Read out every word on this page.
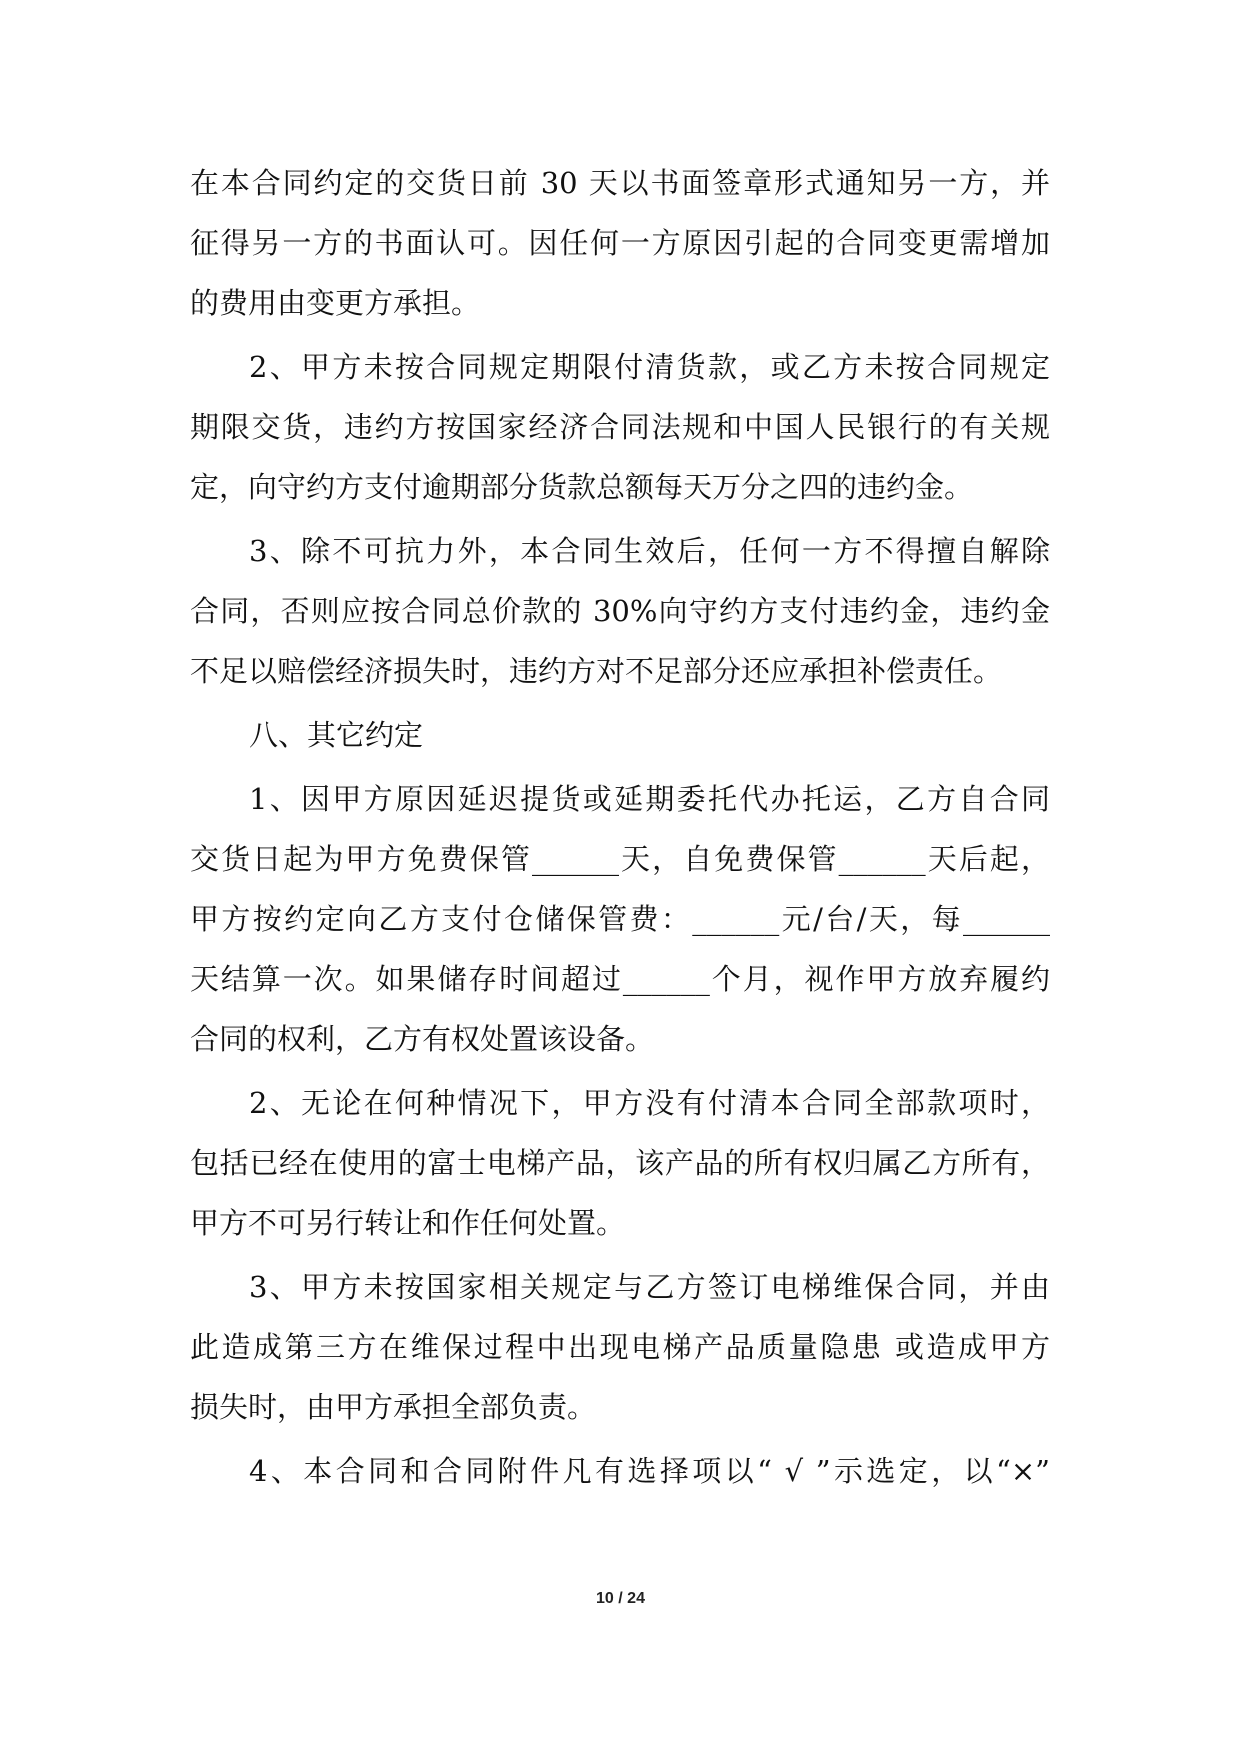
在本合同约定的交货日前 30 天以书面签章形式通知另一方，并
征得另一方的书面认可。因任何一方原因引起的合同变更需增加
的费用由变更方承担。
2、甲方未按合同规定期限付清货款，或乙方未按合同规定
期限交货，违约方按国家经济合同法规和中国人民银行的有关规
定，向守约方支付逾期部分货款总额每天万分之四的违约金。
3、除不可抗力外，本合同生效后，任何一方不得擅自解除
合同，否则应按合同总价款的 30%向守约方支付违约金，违约金
不足以赔偿经济损失时，违约方对不足部分还应承担补偿责任。
八、其它约定
1、因甲方原因延迟提货或延期委托代办托运，乙方自合同
交货日起为甲方免费保管______天，自免费保管______天后起，
甲方按约定向乙方支付仓储保管费：______元/台/天，每______
天结算一次。如果储存时间超过______个月，视作甲方放弃履约
合同的权利，乙方有权处置该设备。
2、无论在何种情况下，甲方没有付清本合同全部款项时，
包括已经在使用的富士电梯产品，该产品的所有权归属乙方所有，
甲方不可另行转让和作任何处置。
3、甲方未按国家相关规定与乙方签订电梯维保合同，并由
此造成第三方在维保过程中出现电梯产品质量隐患 或造成甲方
损失时，由甲方承担全部负责。
4、本合同和合同附件凡有选择项以“ √ ”示选定，以“×”
10 / 24
